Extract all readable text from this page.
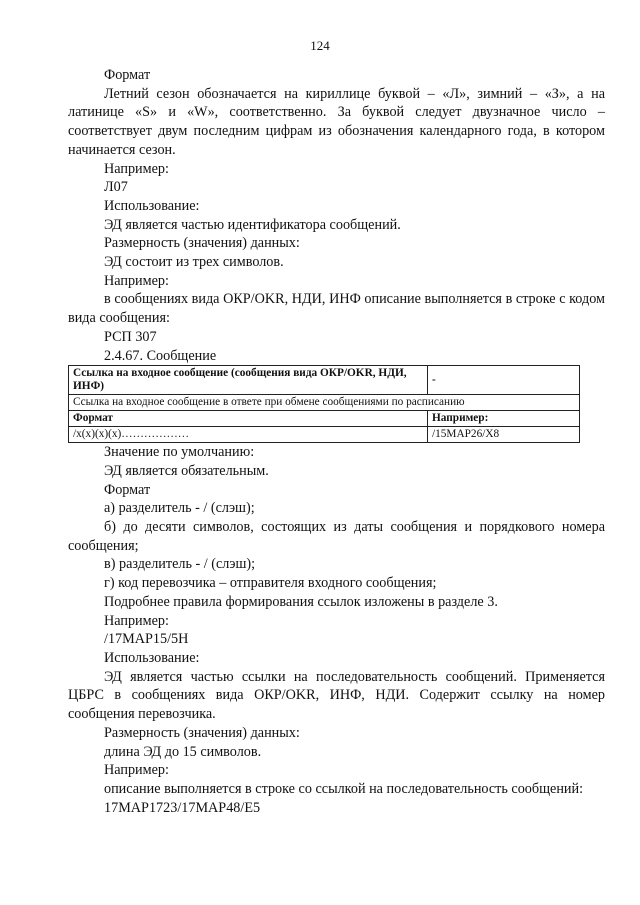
124

Формат

Летний сезон обозначается на кириллице буквой – «Л», зимний – «З», а на латинице «S» и «W», соответственно. За буквой следует двузначное число – соответствует двум последним цифрам из обозначения календарного года, в котором начинается сезон.

Например:

Л07

Использование:

ЭД является частью идентификатора сообщений.

Размерность (значения) данных:

ЭД состоит из трех символов.

Например:

в сообщениях вида ОКР/OKR, НДИ, ИНФ описание выполняется в строке с кодом вида сообщения:

РСП 307

2.4.67. Сообщение

Ссылка на входное сообщение (сообщения вида ОКР/OKR, НДИ, ИНФ)	-
Ссылка на входное сообщение в ответе при обмене сообщениями по расписанию	
Формат	Например:
/x(x)(x)(x)………………	/15МАР26/Х8

Значение по умолчанию:

ЭД является обязательным.

Формат

а) разделитель - / (слэш);

б) до десяти символов, состоящих из даты сообщения и порядкового номера сообщения;

в) разделитель - / (слэш);

г) код перевозчика – отправителя входного сообщения;

Подробнее правила формирования ссылок изложены в разделе 3.

Например:

/17МАР15/5Н

Использование:

ЭД является частью ссылки на последовательность сообщений. Применяется ЦБРС в сообщениях вида ОКР/OKR, ИНФ, НДИ. Содержит ссылку на номер сообщения перевозчика.

Размерность (значения) данных:

длина ЭД до 15 символов.

Например:

описание выполняется в строке со ссылкой на последовательность сообщений:

17МАР1723/17МАР48/Е5
